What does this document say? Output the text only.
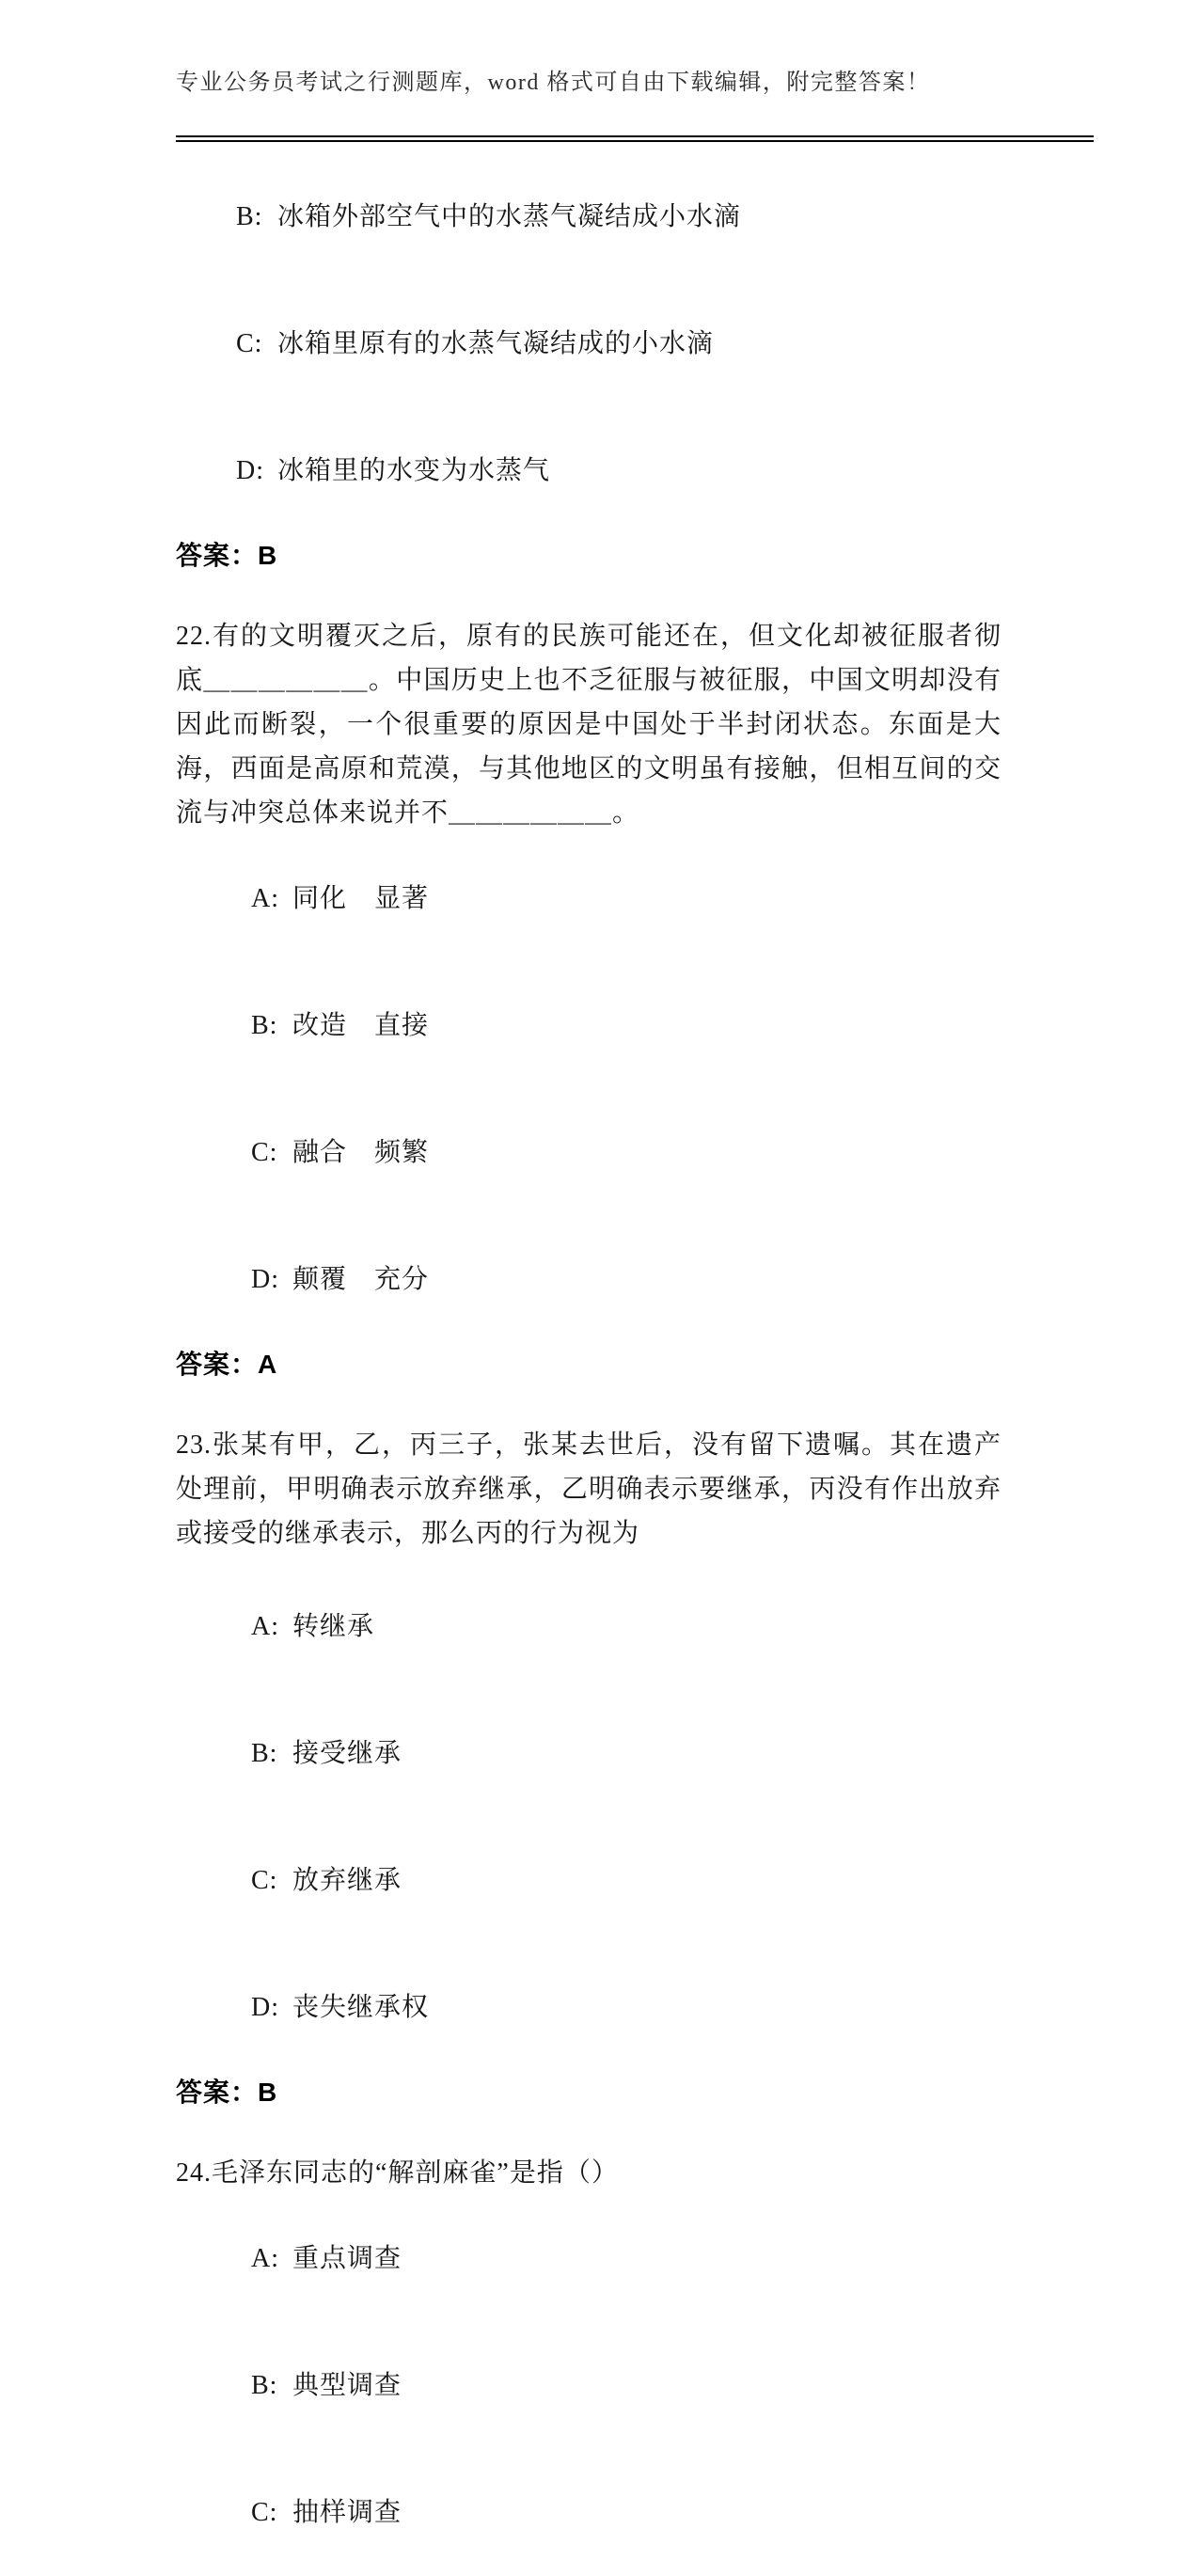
专业公务员考试之行测题库，word 格式可自由下载编辑，附完整答案！

B: 冰箱外部空气中的水蒸气凝结成小水滴

C: 冰箱里原有的水蒸气凝结成的小水滴

D: 冰箱里的水变为水蒸气

答案：B
22.有的文明覆灭之后，原有的民族可能还在，但文化却被征服者彻底＿＿＿＿＿＿。中国历史上也不乏征服与被征服，中国文明却没有因此而断裂，一个很重要的原因是中国处于半封闭状态。东面是大海，西面是高原和荒漠，与其他地区的文明虽有接触，但相互间的交流与冲突总体来说并不＿＿＿＿＿＿。

A: 同化　显著

B: 改造　直接

C: 融合　频繁

D: 颠覆　充分

答案：A
23.张某有甲，乙，丙三子，张某去世后，没有留下遗嘱。其在遗产处理前，甲明确表示放弃继承，乙明确表示要继承，丙没有作出放弃或接受的继承表示，那么丙的行为视为

A: 转继承

B: 接受继承

C: 放弃继承

D: 丧失继承权

答案：B
24.毛泽东同志的“解剖麻雀”是指（）

A: 重点调查

B: 典型调查

C: 抽样调查
